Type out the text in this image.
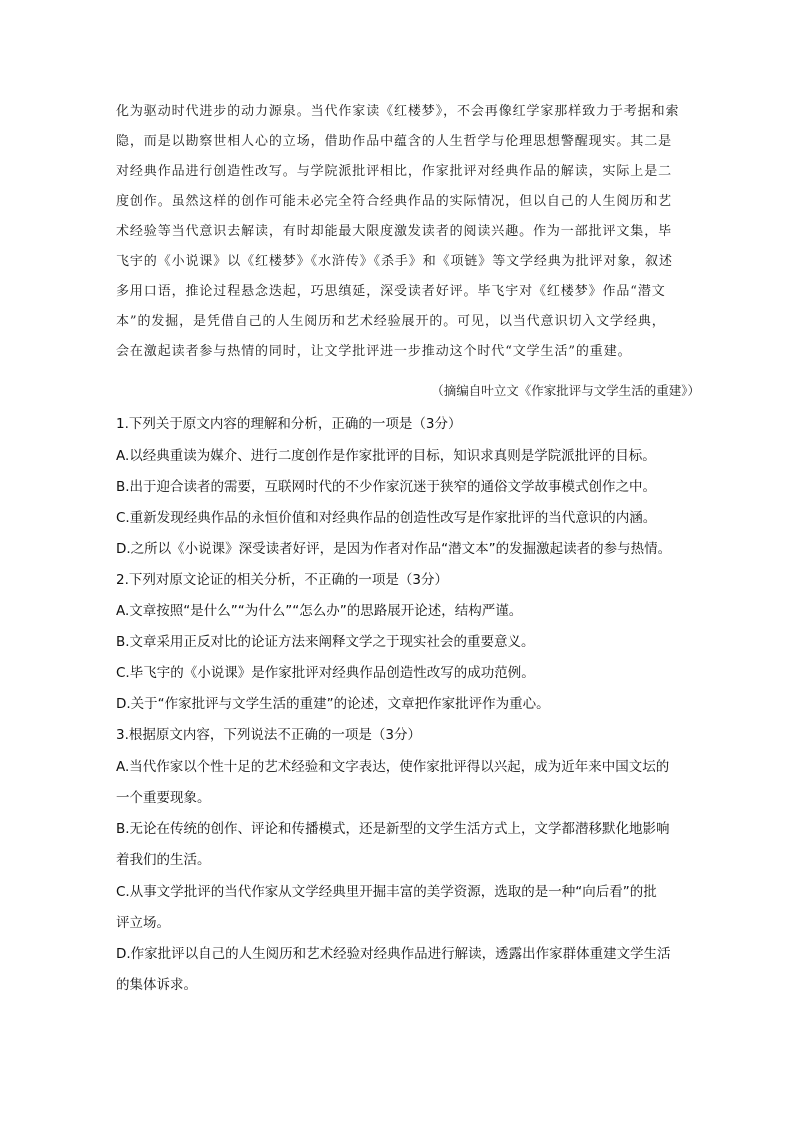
化为驱动时代进步的动力源泉。当代作家读《红楼梦》，不会再像红学家那样致力于考据和索

隐，而是以勘察世相人心的立场，借助作品中蕴含的人生哲学与伦理思想警醒现实。其二是

对经典作品进行创造性改写。与学院派批评相比，作家批评对经典作品的解读，实际上是二

度创作。虽然这样的创作可能未必完全符合经典作品的实际情况，但以自己的人生阅历和艺

术经验等当代意识去解读，有时却能最大限度激发读者的阅读兴趣。作为一部批评文集，毕

飞宇的《小说课》以《红楼梦》《水浒传》《杀手》和《项链》等文学经典为批评对象，叙述

多用口语，推论过程悬念迭起，巧思缜延，深受读者好评。毕飞宇对《红楼梦》作品“潜文

本”的发掘，是凭借自己的人生阅历和艺术经验展开的。可见，以当代意识切入文学经典，

会在激起读者参与热情的同时，让文学批评进一步推动这个时代“文学生活”的重建。

（摘编自叶立文《作家批评与文学生活的重建》）

1.下列关于原文内容的理解和分析，正确的一项是（3分）

A.以经典重读为媒介、进行二度创作是作家批评的目标，知识求真则是学院派批评的目标。

B.出于迎合读者的需要，互联网时代的不少作家沉迷于狭窄的通俗文学故事模式创作之中。

C.重新发现经典作品的永恒价值和对经典作品的创造性改写是作家批评的当代意识的内涵。

D.之所以《小说课》深受读者好评，是因为作者对作品“潜文本”的发掘激起读者的参与热情。

2.下列对原文论证的相关分析，不正确的一项是（3分）

A.文章按照“是什么”“为什么”“怎么办”的思路展开论述，结构严谨。

B.文章采用正反对比的论证方法来阐释文学之于现实社会的重要意义。

C.毕飞宇的《小说课》是作家批评对经典作品创造性改写的成功范例。

D.关于“作家批评与文学生活的重建”的论述，文章把作家批评作为重心。

3.根据原文内容，下列说法不正确的一项是（3分）

A.当代作家以个性十足的艺术经验和文字表达，使作家批评得以兴起，成为近年来中国文坛的

一个重要现象。

B.无论在传统的创作、评论和传播模式，还是新型的文学生活方式上，文学都潜移默化地影响

着我们的生活。

C.从事文学批评的当代作家从文学经典里开掘丰富的美学资源，选取的是一种“向后看”的批

评立场。

D.作家批评以自己的人生阅历和艺术经验对经典作品进行解读，透露出作家群体重建文学生活

的集体诉求。
